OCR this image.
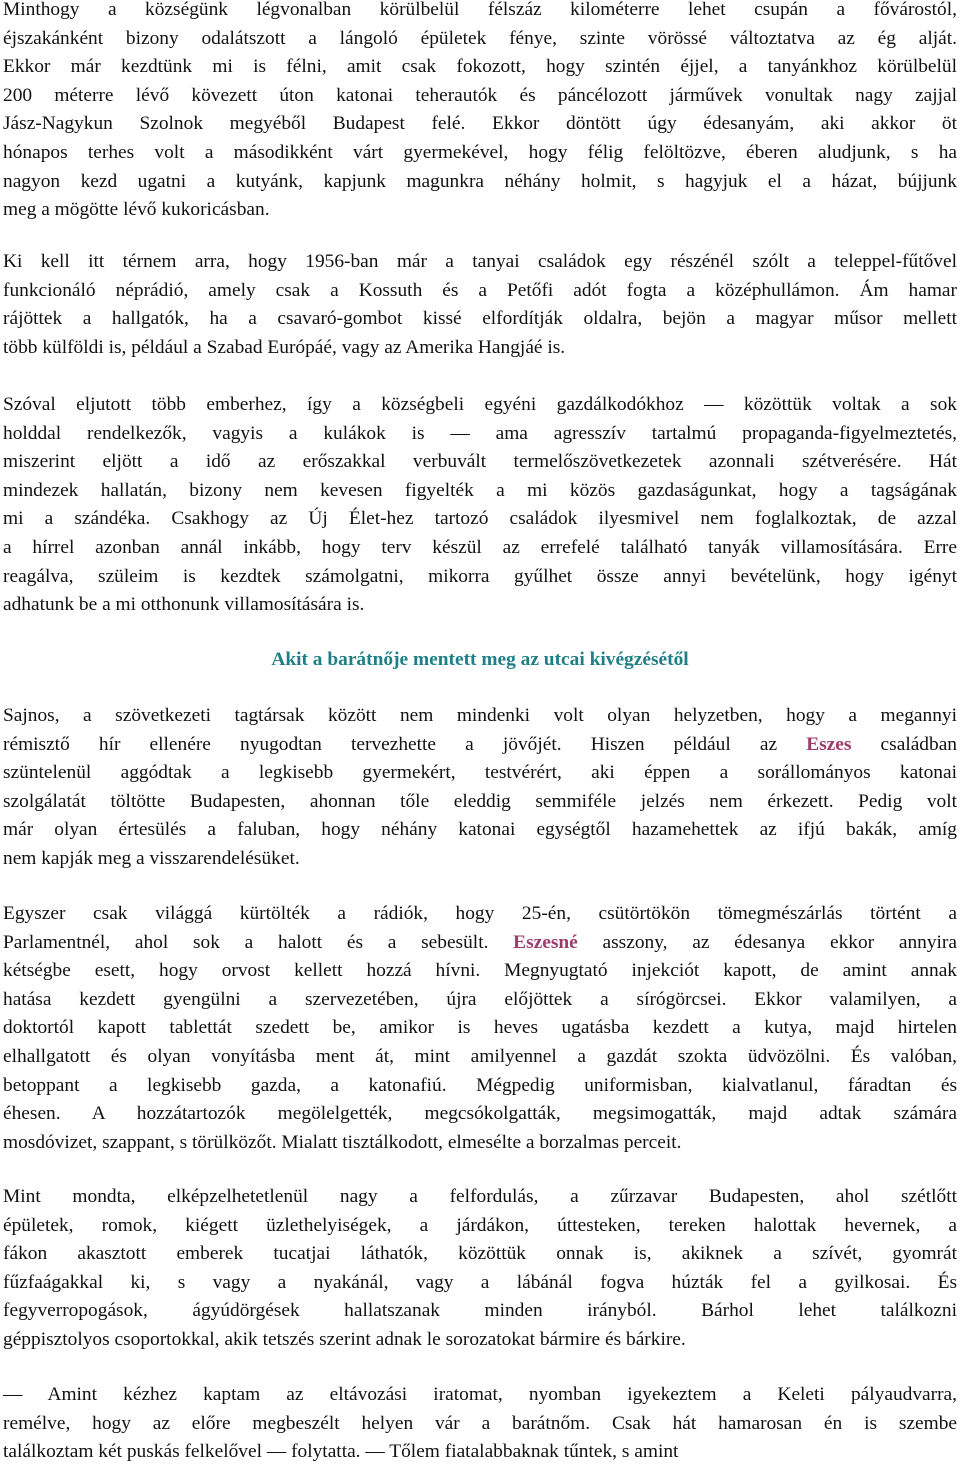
Minthogy a községünk légvonalban körülbelül félszáz kilométerre lehet csupán a fővárostól,
éjszakánként bizony odalátszott a lángoló épületek fénye, szinte vörössé változtatva az ég alját.
Ekkor már kezdtünk mi is félni, amit csak fokozott, hogy szintén éjjel, a tanyánkhoz körülbelül
200 méterre lévő kövezett úton katonai teherautók és páncélozott járművek vonultak nagy zajjal
Jász-Nagykun Szolnok megyéből Budapest felé. Ekkor döntött úgy édesanyám, aki akkor öt
hónapos terhes volt a másodikként várt gyermekével, hogy félig felöltözve, éberen aludjunk, s ha
nagyon kezd ugatni a kutyánk, kapjunk magunkra néhány holmit, s hagyjuk el a házat, bújjunk
meg a mögötte lévő kukoricásban.
Ki kell itt térnem arra, hogy 1956-ban már a tanyai családok egy részénél szólt a teleppel-fűtővel
funkcionáló néprádió, amely csak a Kossuth és a Petőfi adót fogta a középhullámon. Ám hamar
rájöttek a hallgatók, ha a csavaró-gombot kissé elfordítják oldalra, bejön a magyar műsor mellett
több külföldi is, például a Szabad Európáé, vagy az Amerika Hangjáé is.
Szóval eljutott több emberhez, így a községbeli egyéni gazdálkodókhoz — közöttük voltak a sok
holddal rendelkezők, vagyis a kulákok is — ama agresszív tartalmú propaganda-figyelmeztetés,
miszerint eljött a idő az erőszakkal verbuvált termelőszövetkezetek azonnali szétverésére. Hát
mindezek hallatán, bizony nem kevesen figyelték a mi közös gazdaságunkat, hogy a tagságának
mi a szándéka. Csakhogy az Új Élet-hez tartozó családok ilyesmivel nem foglalkoztak, de azzal
a hírrel azonban annál inkább, hogy terv készül az errefelé található tanyák villamosítására. Erre
reagálva, szüleim is kezdtek számolgatni, mikorra gyűlhet össze annyi bevételünk, hogy igényt
adhatunk be a mi otthonunk villamosítására is.
Akit a barátnője mentett meg az utcai kivégzésétől
Sajnos, a szövetkezeti tagtársak között nem mindenki volt olyan helyzetben, hogy a megannyi
rémisztő hír ellenére nyugodtan tervezhette a jövőjét. Hiszen például az Eszes családban
szüntelenül aggódtak a legkisebb gyermekért, testvérért, aki éppen a sorállományos katonai
szolgálatát töltötte Budapesten, ahonnan tőle eleddig semmiféle jelzés nem érkezett. Pedig volt
már olyan értesülés a faluban, hogy néhány katonai egységtől hazamehettek az ifjú bakák, amíg
nem kapják meg a visszarendelésüket.
Egyszer csak világgá kürtölték a rádiók, hogy 25-én, csütörtökön tömegmészárlás történt a
Parlamentnél, ahol sok a halott és a sebesült. Eszesné asszony, az édesanya ekkor annyira
kétségbe esett, hogy orvost kellett hozzá hívni. Megnyugtató injekciót kapott, de amint annak
hatása kezdett gyengülni a szervezetében, újra előjöttek a sírógörcsei. Ekkor valamilyen, a
doktortól kapott tablettát szedett be, amikor is heves ugatásba kezdett a kutya, majd hirtelen
elhallgatott és olyan vonyításba ment át, mint amilyennel a gazdát szokta üdvözölni. És valóban,
betoppant a legkisebb gazda, a katonafiú. Mégpedig uniformisban, kialvatlanul, fáradtan és
éhesen. A hozzátartozók megölelgették, megcsókolgatták, megsimogatták, majd adtak számára
mosdóvizet, szappant, s törülközőt. Mialatt tisztálkodott, elmesélte a borzalmas perceit.
Mint mondta, elképzelhetetlenül nagy a felfordulás, a zűrzavar Budapesten, ahol szétlőtt
épületek, romok, kiégett üzlethelyiségek, a járdákon, úttesteken, tereken halottak hevernek, a
fákon akasztott emberek tucatjai láthatók, közöttük onnak is, akiknek a szívét, gyomrát
fűzfaágakkal ki, s vagy a nyakánál, vagy a lábánál fogva húzták fel a gyilkosai. És
fegyverropogások, ágyúdörgések hallatszanak minden irányból. Bárhol lehet találkozni
géppisztolyos csoportokkal, akik tetszés szerint adnak le sorozatokat bármire és bárkire.
— Amint kézhez kaptam az eltávozási iratomat, nyomban igyekeztem a Keleti pályaudvarra,
remélve, hogy az előre megbeszélt helyen vár a barátnőm. Csak hát hamarosan én is szembe
találkoztam két puskás felkelővel — folytatta. — Tőlem fiatalabbaknak tűntek, s amint
